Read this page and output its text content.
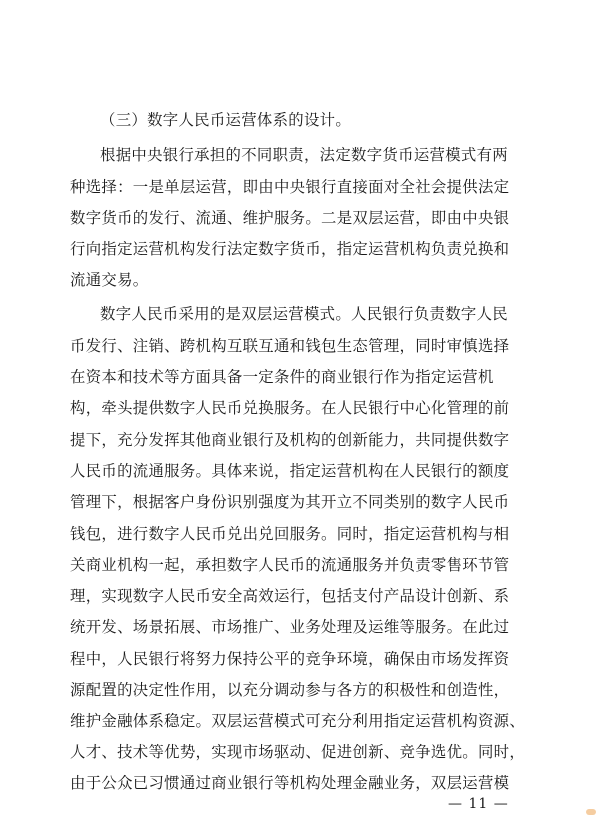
（三）数字人民币运营体系的设计。
根据中央银行承担的不同职责，法定数字货币运营模式有两
种选择：一是单层运营，即由中央银行直接面对全社会提供法定
数字货币的发行、流通、维护服务。二是双层运营，即由中央银
行向指定运营机构发行法定数字货币，指定运营机构负责兑换和
流通交易。
数字人民币采用的是双层运营模式。人民银行负责数字人民
币发行、注销、跨机构互联互通和钱包生态管理，同时审慎选择
在资本和技术等方面具备一定条件的商业银行作为指定运营机
构，牵头提供数字人民币兑换服务。在人民银行中心化管理的前
提下，充分发挥其他商业银行及机构的创新能力，共同提供数字
人民币的流通服务。具体来说，指定运营机构在人民银行的额度
管理下，根据客户身份识别强度为其开立不同类别的数字人民币
钱包，进行数字人民币兑出兑回服务。同时，指定运营机构与相
关商业机构一起，承担数字人民币的流通服务并负责零售环节管
理，实现数字人民币安全高效运行，包括支付产品设计创新、系
统开发、场景拓展、市场推广、业务处理及运维等服务。在此过
程中，人民银行将努力保持公平的竞争环境，确保由市场发挥资
源配置的决定性作用，以充分调动参与各方的积极性和创造性，
维护金融体系稳定。双层运营模式可充分利用指定运营机构资源、
人才、技术等优势，实现市场驱动、促进创新、竞争选优。同时，
由于公众已习惯通过商业银行等机构处理金融业务，双层运营模
— 11 —
